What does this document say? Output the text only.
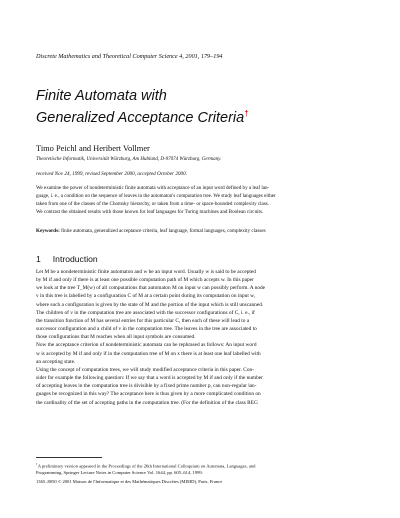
Discrete Mathematics and Theoretical Computer Science 4, 2001, 179–194
Finite Automata with
Generalized Acceptance Criteria†
Timo Peichl and Heribert Vollmer
Theoretische Informatik, Universität Würzburg, Am Hubland, D-97074 Würzburg, Germany.
received Nov 24, 1999, revised September 2000, accepted October 2000.
We examine the power of nondeterministic finite automata with acceptance of an input word defined by a leaf lan-
guage, i. e., a condition on the sequence of leaves in the automaton's computation tree. We study leaf languages either
taken from one of the classes of the Chomsky hierarchy, or taken from a time- or space-bounded complexity class.
We contrast the obtained results with those known for leaf languages for Turing machines and Boolean circuits.
Keywords: finite automata, generalized acceptance criteria, leaf language, formal languages, complexity classes
1 Introduction
Let M be a nondeterministic finite automaton and w be an input word. Usually w is said to be accepted
by M if and only if there is at least one possible computation path of M which accepts w. In this paper
we look at the tree T_M(w) of all computations that automaton M on input w can possibly perform. A node
v in this tree is labelled by a configuration C of M at a certain point during its computation on input w,
where such a configuration is given by the state of M and the portion of the input which is still unscanned.
The children of v in the computation tree are associated with the successor configurations of C, i. e., if
the transition function of M has several entries for this particular C, then each of these will lead to a
successor configuration and a child of v in the computation tree. The leaves in the tree are associated to
those configurations that M reaches when all input symbols are consumed.
Now the acceptance criterion of nondeterministic automata can be rephrased as follows: An input word
w is accepted by M if and only if in the computation tree of M on x there is at least one leaf labelled with
an accepting state.
Using the concept of computation trees, we will study modified acceptance criteria in this paper. Con-
sider for example the following question: If we say that a word is accepted by M if and only if the number
of accepting leaves in the computation tree is divisible by a fixed prime number p, can non-regular lan-
guages be recognized in this way? The acceptance here is thus given by a more complicated condition on
the cardinality of the set of accepting paths in the computation tree. (For the definition of the class REG
†A preliminary version appeared in the Proceedings of the 26th International Colloquium on Automata, Languages, and
Programming, Springer Lecture Notes in Computer Science Vol. 1644, pp. 605–614, 1999.
1365–8050 © 2001 Maison de l'Informatique et des Mathématiques Discrètes (MIMD), Paris, France
